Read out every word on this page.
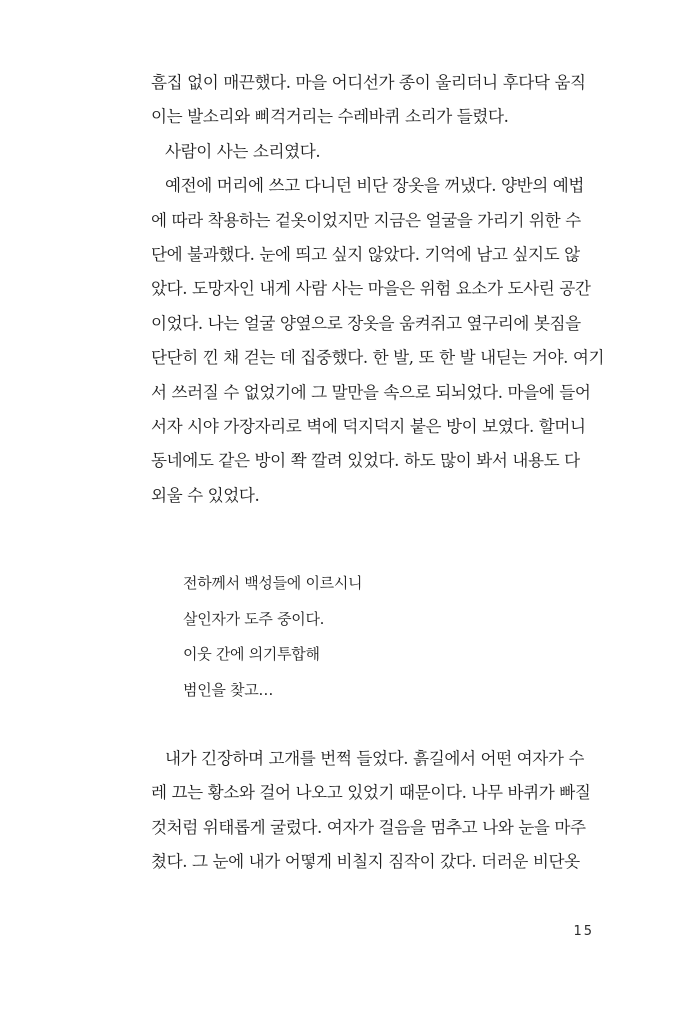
흠집 없이 매끈했다. 마을 어디선가 종이 울리더니 후다닥 움직
이는 발소리와 삐걱거리는 수레바퀴 소리가 들렸다.
사람이 사는 소리였다.
예전에 머리에 쓰고 다니던 비단 장옷을 꺼냈다. 양반의 예법
에 따라 착용하는 겉옷이었지만 지금은 얼굴을 가리기 위한 수
단에 불과했다. 눈에 띄고 싶지 않았다. 기억에 남고 싶지도 않
았다. 도망자인 내게 사람 사는 마을은 위험 요소가 도사린 공간
이었다. 나는 얼굴 양옆으로 장옷을 움켜쥐고 옆구리에 봇짐을
단단히 낀 채 걷는 데 집중했다. 한 발, 또 한 발 내딛는 거야. 여기
서 쓰러질 수 없었기에 그 말만을 속으로 되뇌었다. 마을에 들어
서자 시야 가장자리로 벽에 덕지덕지 붙은 방이 보였다. 할머니
동네에도 같은 방이 쫙 깔려 있었다. 하도 많이 봐서 내용도 다
외울 수 있었다.
전하께서 백성들에 이르시니
살인자가 도주 중이다.
이웃 간에 의기투합해
범인을 찾고…
내가 긴장하며 고개를 번쩍 들었다. 흙길에서 어떤 여자가 수
레 끄는 황소와 걸어 나오고 있었기 때문이다. 나무 바퀴가 빠질
것처럼 위태롭게 굴렀다. 여자가 걸음을 멈추고 나와 눈을 마주
쳤다. 그 눈에 내가 어떻게 비칠지 짐작이 갔다. 더러운 비단옷
15
